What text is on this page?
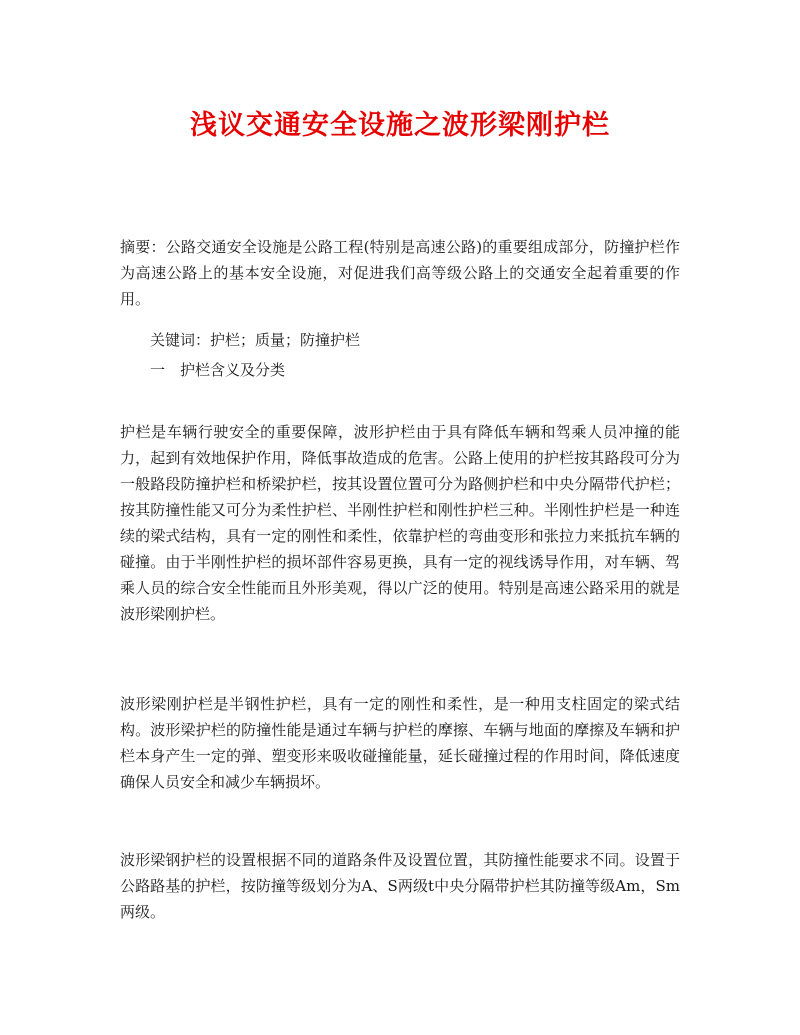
浅议交通安全设施之波形梁刚护栏

摘要：公路交通安全设施是公路工程(特别是高速公路)的重要组成部分，防撞护栏作为高速公路上的基本安全设施，对促进我们高等级公路上的交通安全起着重要的作用。

关键词：护栏；质量；防撞护栏

一　护栏含义及分类

护栏是车辆行驶安全的重要保障，波形护栏由于具有降低车辆和驾乘人员冲撞的能力，起到有效地保护作用，降低事故造成的危害。公路上使用的护栏按其路段可分为一般路段防撞护栏和桥梁护栏，按其设置位置可分为路侧护栏和中央分隔带代护栏；按其防撞性能又可分为柔性护栏、半刚性护栏和刚性护栏三种。半刚性护栏是一种连续的梁式结构，具有一定的刚性和柔性，依靠护栏的弯曲变形和张拉力来抵抗车辆的碰撞。由于半刚性护栏的损坏部件容易更换，具有一定的视线诱导作用，对车辆、驾乘人员的综合安全性能而且外形美观，得以广泛的使用。特别是高速公路采用的就是波形梁刚护栏。

波形梁刚护栏是半钢性护栏，具有一定的刚性和柔性，是一种用支柱固定的梁式结构。波形梁护栏的防撞性能是通过车辆与护栏的摩擦、车辆与地面的摩擦及车辆和护栏本身产生一定的弹、塑变形来吸收碰撞能量，延长碰撞过程的作用时间，降低速度确保人员安全和减少车辆损坏。

波形梁钢护栏的设置根据不同的道路条件及设置位置，其防撞性能要求不同。设置于公路路基的护栏，按防撞等级划分为A、S两级t中央分隔带护栏其防撞等级Am，Sm两级。
